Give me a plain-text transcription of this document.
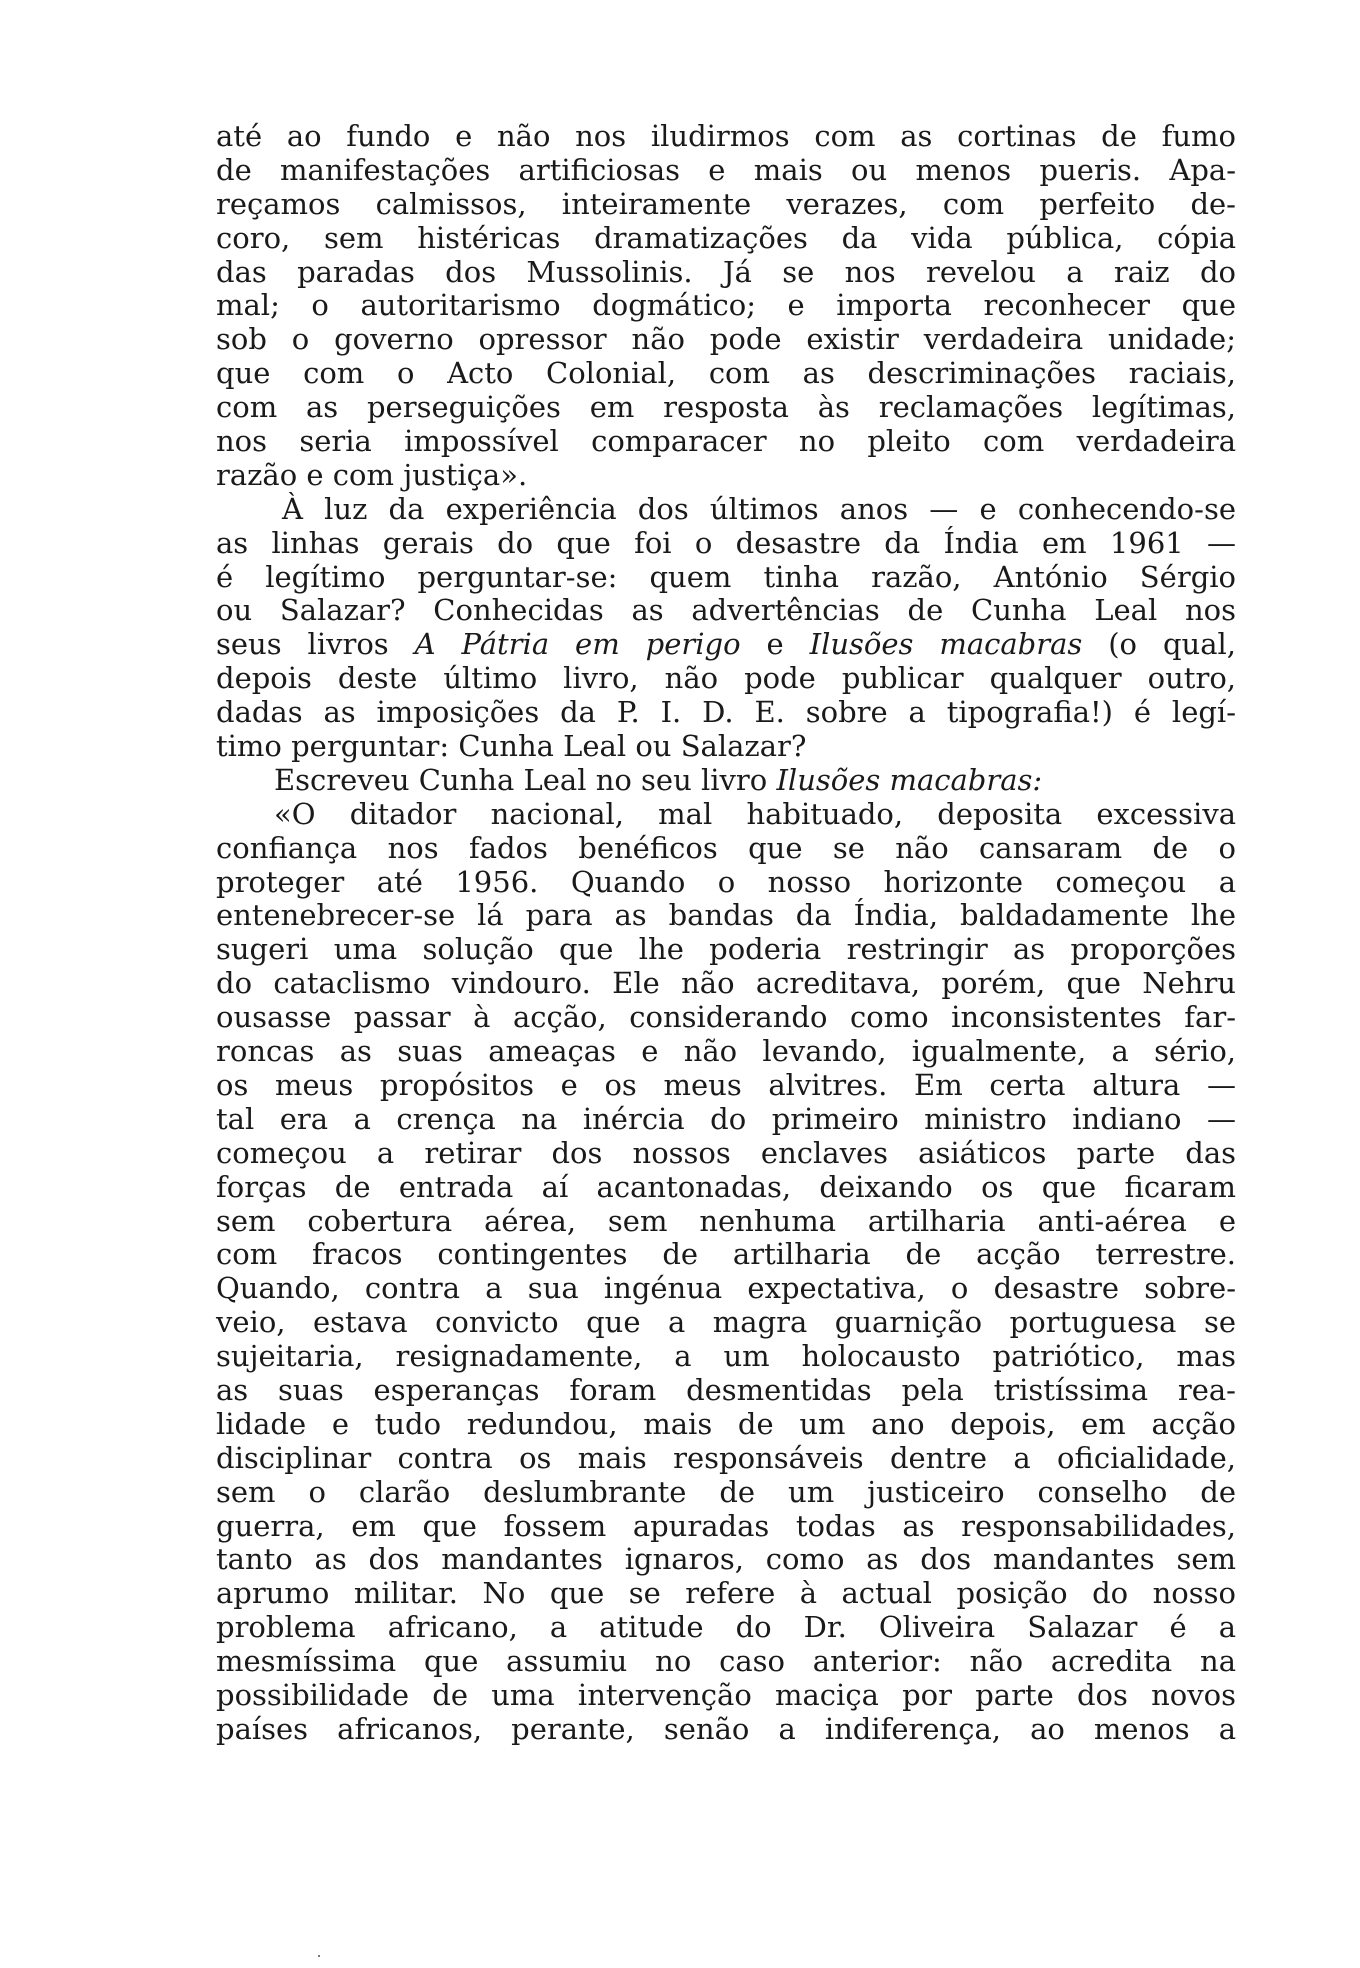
até ao fundo e não nos iludirmos com as cortinas de fumo
de manifestações artificiosas e mais ou menos pueris. Apa-
reçamos calmissos, inteiramente verazes, com perfeito de-
coro, sem histéricas dramatizações da vida pública, cópia
das paradas dos Mussolinis. Já se nos revelou a raiz do
mal; o autoritarismo dogmático; e importa reconhecer que
sob o governo opressor não pode existir verdadeira unidade;
que com o Acto Colonial, com as descriminações raciais,
com as perseguições em resposta às reclamações legítimas,
nos seria impossível comparacer no pleito com verdadeira
razão e com justiça».
À luz da experiência dos últimos anos — e conhecendo-se
as linhas gerais do que foi o desastre da Índia em 1961 —
é legítimo perguntar-se: quem tinha razão, António Sérgio
ou Salazar? Conhecidas as advertências de Cunha Leal nos
seus livros A Pátria em perigo e Ilusões macabras (o qual,
depois deste último livro, não pode publicar qualquer outro,
dadas as imposições da P. I. D. E. sobre a tipografia!) é legí-
timo perguntar: Cunha Leal ou Salazar?
Escreveu Cunha Leal no seu livro Ilusões macabras:
«O ditador nacional, mal habituado, deposita excessiva
confiança nos fados benéficos que se não cansaram de o
proteger até 1956. Quando o nosso horizonte começou a
entenebrecer-se lá para as bandas da Índia, baldadamente lhe
sugeri uma solução que lhe poderia restringir as proporções
do cataclismo vindouro. Ele não acreditava, porém, que Nehru
ousasse passar à acção, considerando como inconsistentes far-
roncas as suas ameaças e não levando, igualmente, a sério,
os meus propósitos e os meus alvitres. Em certa altura —
tal era a crença na inércia do primeiro ministro indiano —
começou a retirar dos nossos enclaves asiáticos parte das
forças de entrada aí acantonadas, deixando os que ficaram
sem cobertura aérea, sem nenhuma artilharia anti-aérea e
com fracos contingentes de artilharia de acção terrestre.
Quando, contra a sua ingénua expectativa, o desastre sobre-
veio, estava convicto que a magra guarnição portuguesa se
sujeitaria, resignadamente, a um holocausto patriótico, mas
as suas esperanças foram desmentidas pela tristíssima rea-
lidade e tudo redundou, mais de um ano depois, em acção
disciplinar contra os mais responsáveis dentre a oficialidade,
sem o clarão deslumbrante de um justiceiro conselho de
guerra, em que fossem apuradas todas as responsabilidades,
tanto as dos mandantes ignaros, como as dos mandantes sem
aprumo militar. No que se refere à actual posição do nosso
problema africano, a atitude do Dr. Oliveira Salazar é a
mesmíssima que assumiu no caso anterior: não acredita na
possibilidade de uma intervenção maciça por parte dos novos
países africanos, perante, senão a indiferença, ao menos a
